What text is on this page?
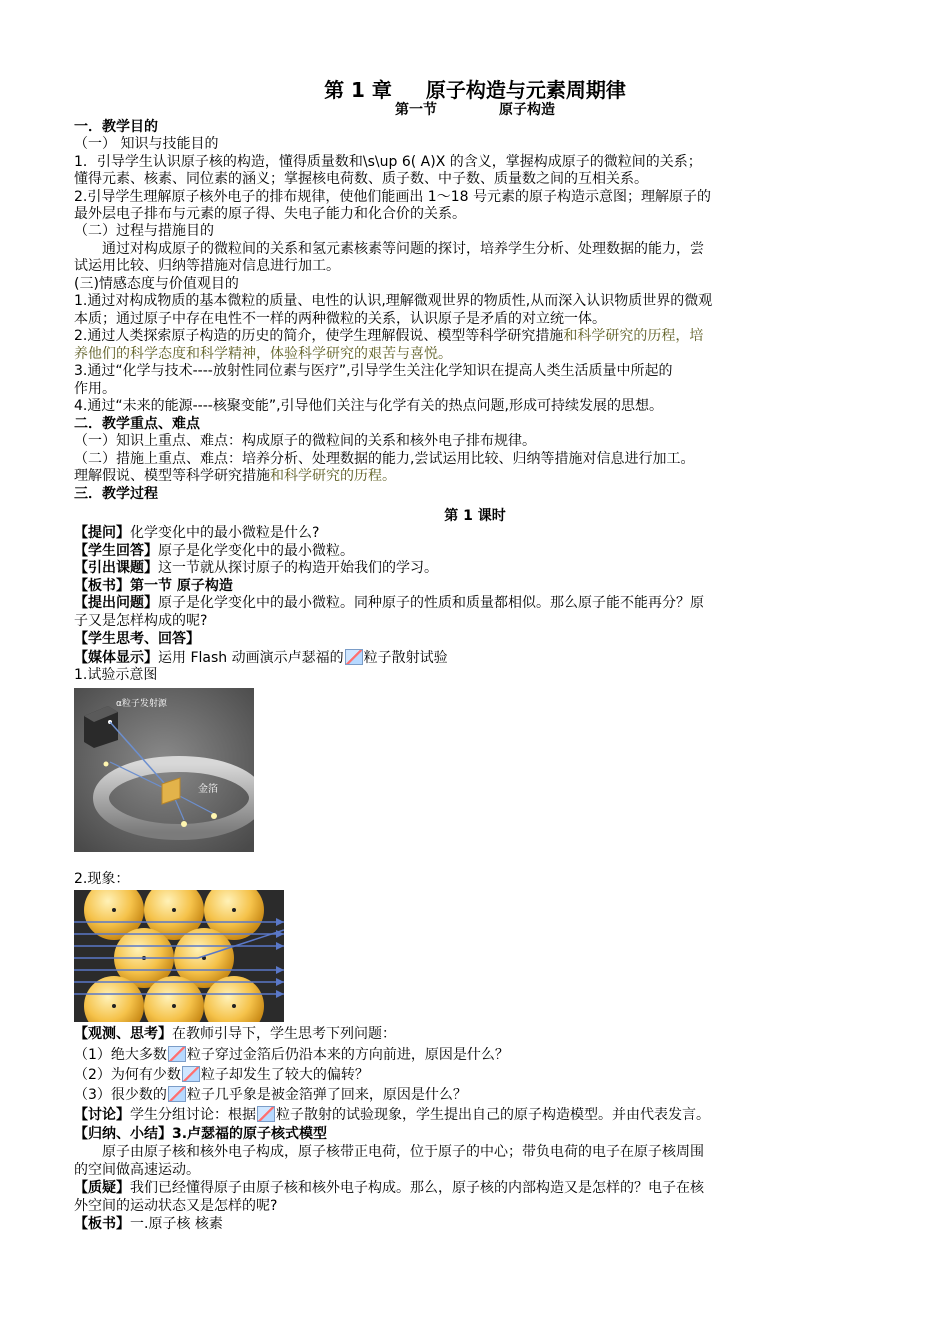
第 1 章 原子构造与元素周期律
第一节	原子构造
一．教学目的
（一） 知识与技能目的
1．引导学生认识原子核的构造，懂得质量数和\s\up 6( A)X 的含义，掌握构成原子的微粒间的关系；
懂得元素、核素、同位素的涵义；掌握核电荷数、质子数、中子数、质量数之间的互相关系。
2.引导学生理解原子核外电子的排布规律，使他们能画出 1～18 号元素的原子构造示意图；理解原子的
最外层电子排布与元素的原子得、失电子能力和化合价的关系。
（二）过程与措施目的
通过对构成原子的微粒间的关系和氢元素核素等问题的探讨，培养学生分析、处理数据的能力，尝
试运用比较、归纳等措施对信息进行加工。
(三)情感态度与价值观目的
1.通过对构成物质的基本微粒的质量、电性的认识,理解微观世界的物质性,从而深入认识物质世界的微观
本质；通过原子中存在电性不一样的两种微粒的关系，认识原子是矛盾的对立统一体。
2.通过人类探索原子构造的历史的简介，使学生理解假说、模型等科学研究措施和科学研究的历程，培
养他们的科学态度和科学精神，体验科学研究的艰苦与喜悦。
3.通过“化学与技术----放射性同位素与医疗”,引导学生关注化学知识在提高人类生活质量中所起的
作用。
4.通过“未来的能源----核聚变能”,引导他们关注与化学有关的热点问题,形成可持续发展的思想。
二．教学重点、难点
（一）知识上重点、难点：构成原子的微粒间的关系和核外电子排布规律。
（二）措施上重点、难点：培养分析、处理数据的能力,尝试运用比较、归纳等措施对信息进行加工。
理解假说、模型等科学研究措施和科学研究的历程。
三．教学过程
第 1 课时
【提问】化学变化中的最小微粒是什么?
【学生回答】原子是化学变化中的最小微粒。
【引出课题】这一节就从探讨原子的构造开始我们的学习。
【板书】第一节 原子构造
【提出问题】原子是化学变化中的最小微粒。同种原子的性质和质量都相似。那么原子能不能再分？原
子又是怎样构成的呢?
【学生思考、回答】
【媒体显示】运用 Flash 动画演示卢瑟福的 粒子散射试验
1.试验示意图
α粒子发射源
金箔
2.现象：
【观测、思考】在教师引导下，学生思考下列问题：
（1）绝大多数 粒子穿过金箔后仍沿本来的方向前进，原因是什么？
（2）为何有少数 粒子却发生了较大的偏转？
（3）很少数的 粒子几乎象是被金箔弹了回来，原因是什么？
【讨论】学生分组讨论：根据 粒子散射的试验现象，学生提出自己的原子构造模型。并由代表发言。
【归纳、小结】3.卢瑟福的原子核式模型
原子由原子核和核外电子构成，原子核带正电荷，位于原子的中心；带负电荷的电子在原子核周围
的空间做高速运动。
【质疑】我们已经懂得原子由原子核和核外电子构成。那么，原子核的内部构造又是怎样的？电子在核
外空间的运动状态又是怎样的呢?
【板书】一.原子核 核素
